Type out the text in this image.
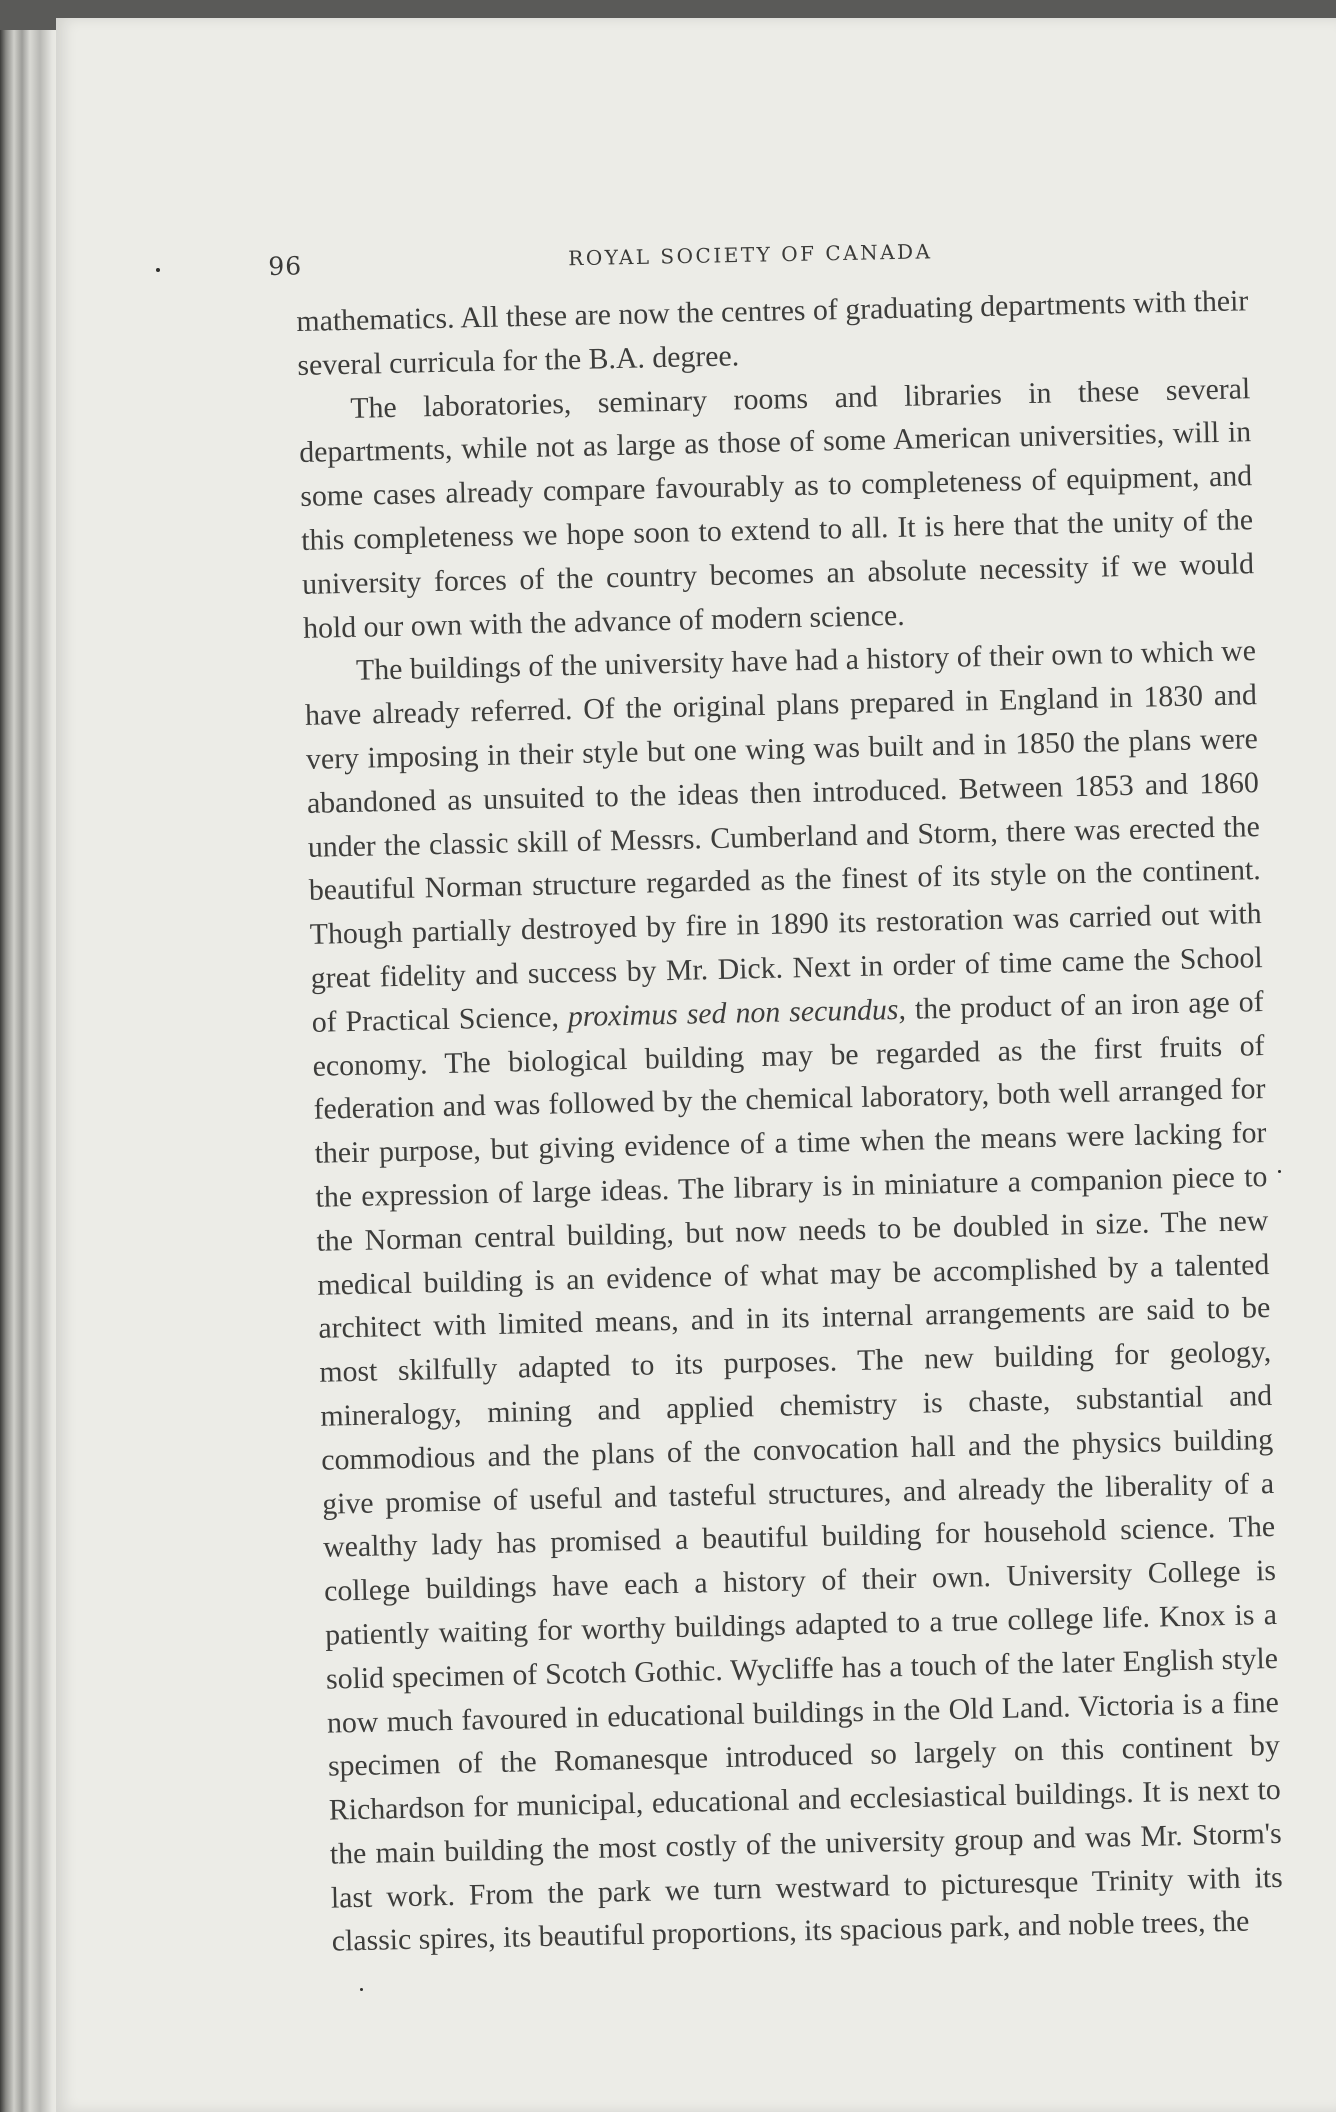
96	ROYAL SOCIETY OF CANADA

mathematics. All these are now the centres of graduating departments with their several curricula for the B.A. degree.

The laboratories, seminary rooms and libraries in these several departments, while not as large as those of some American universities, will in some cases already compare favourably as to completeness of equipment, and this completeness we hope soon to extend to all. It is here that the unity of the university forces of the country becomes an absolute necessity if we would hold our own with the advance of modern science.

The buildings of the university have had a history of their own to which we have already referred. Of the original plans prepared in England in 1830 and very imposing in their style but one wing was built and in 1850 the plans were abandoned as unsuited to the ideas then introduced. Between 1853 and 1860 under the classic skill of Messrs. Cumberland and Storm, there was erected the beautiful Norman structure regarded as the finest of its style on the continent. Though partially destroyed by fire in 1890 its restoration was carried out with great fidelity and success by Mr. Dick. Next in order of time came the School of Practical Science, proximus sed non secundus, the product of an iron age of economy. The biological building may be regarded as the first fruits of federation and was followed by the chemical laboratory, both well arranged for their purpose, but giving evidence of a time when the means were lacking for the expression of large ideas. The library is in miniature a companion piece to the Norman central building, but now needs to be doubled in size. The new medical building is an evidence of what may be accomplished by a talented architect with limited means, and in its internal arrangements are said to be most skilfully adapted to its purposes. The new building for geology, mineralogy, mining and applied chemistry is chaste, substantial and commodious and the plans of the convocation hall and the physics building give promise of useful and tasteful structures, and already the liberality of a wealthy lady has promised a beautiful building for household science. The college buildings have each a history of their own. University College is patiently waiting for worthy buildings adapted to a true college life. Knox is a solid specimen of Scotch Gothic. Wycliffe has a touch of the later English style now much favoured in educational buildings in the Old Land. Victoria is a fine specimen of the Romanesque introduced so largely on this continent by Richardson for municipal, educational and ecclesiastical buildings. It is next to the main building the most costly of the university group and was Mr. Storm's last work. From the park we turn westward to picturesque Trinity with its classic spires, its beautiful proportions, its spacious park, and noble trees, the
